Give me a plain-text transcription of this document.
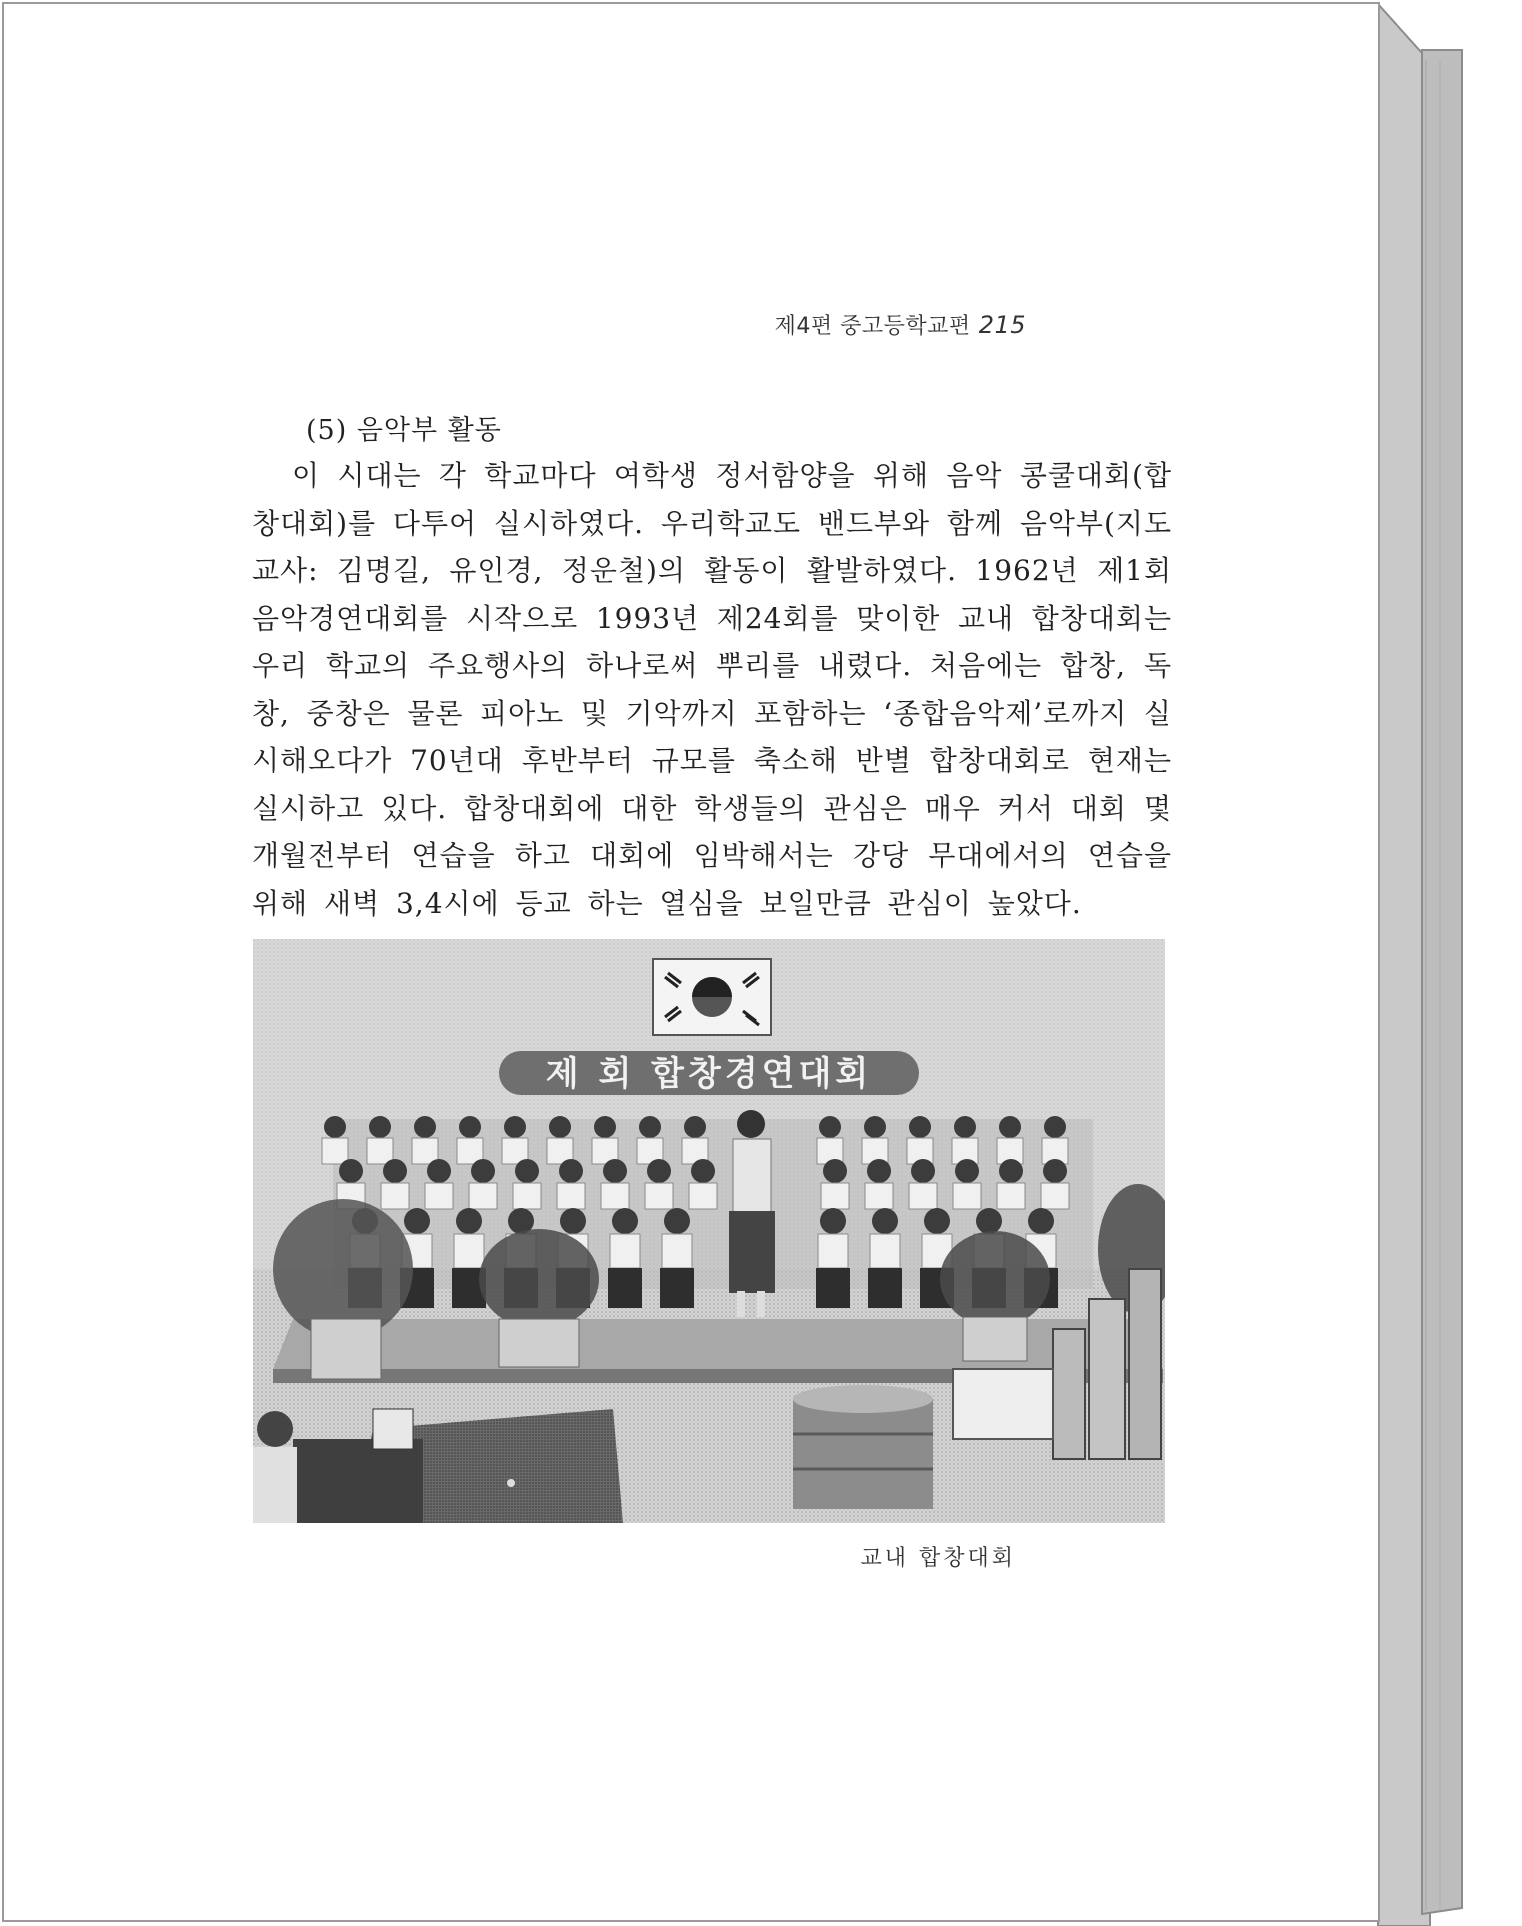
제4편 중고등학교편 215
(5) 음악부 활동

이 시대는 각 학교마다 여학생 정서함양을 위해 음악 콩쿨대회(합창대회)를 다투어 실시하였다. 우리학교도 밴드부와 함께 음악부(지도교사: 김명길, 유인경, 정운철)의 활동이 활발하였다. 1962년 제1회 음악경연대회를 시작으로 1993년 제24회를 맞이한 교내 합창대회는 우리 학교의 주요행사의 하나로써 뿌리를 내렸다. 처음에는 합창, 독창, 중창은 물론 피아노 및 기악까지 포함하는 ‘종합음악제’로까지 실시해오다가 70년대 후반부터 규모를 축소해 반별 합창대회로 현재는 실시하고 있다. 합창대회에 대한 학생들의 관심은 매우 커서 대회 몇개월전부터 연습을 하고 대회에 임박해서는 강당 무대에서의 연습을 위해 새벽 3,4시에 등교 하는 열심을 보일만큼 관심이 높았다.

제 회 합창경연대회
교내 합창대회
